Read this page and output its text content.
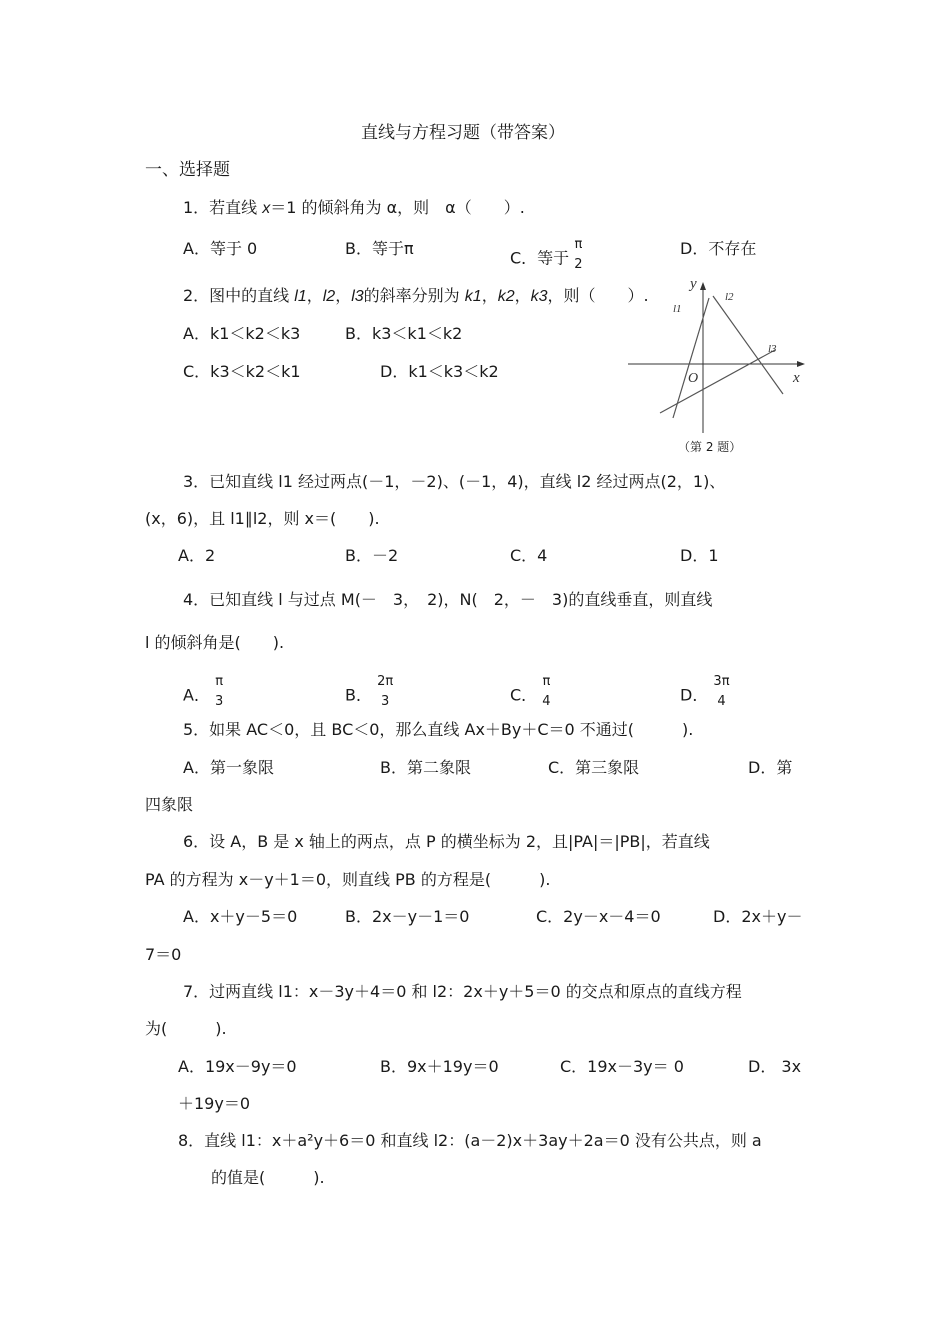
直线与方程习题（带答案）
一、选择题
1．若直线 x＝1 的倾斜角为 α，则　α（　　）.
A．等于 0	B．等于π	C．等于
π
2
D．不存在
2．图中的直线 l1，l2，l3的斜率分别为 k1，k2，k3，则（　　）.
A．k1＜k2＜k3	B．k3＜k1＜k2
C．k3＜k2＜k1	D．k1＜k3＜k2
y
x
O
l1
l2
l3
（第 2 题）
3．已知直线 l1 经过两点(－1，－2)、(－1，4)，直线 l2 经过两点(2，1)、
(x，6)，且 l1∥l2，则 x＝(　　).
A．2	B．－2	C．4	D．1
4．已知直线 l 与过点 M(－　3，　2)，N(　2，－　3)的直线垂直，则直线
l 的倾斜角是(　　).
A．
π
3	B．
2π
3	C．
π
4	D．
3π
4
5．如果 AC＜0，且 BC＜0，那么直线 Ax＋By＋C＝0 不通过(　　　).
A．第一象限	B．第二象限	C．第三象限	D．第
四象限
6．设 A，B 是 x 轴上的两点，点 P 的横坐标为 2，且|PA|＝|PB|，若直线
PA 的方程为 x－y＋1＝0，则直线 PB 的方程是(　　　).
A．x＋y－5＝0	B．2x－y－1＝0	C．2y－x－4＝0	D．2x＋y－
7＝0
7．过两直线 l1：x－3y＋4＝0 和 l2：2x＋y＋5＝0 的交点和原点的直线方程
为(　　　).
A．19x－9y＝0	B．9x＋19y＝0	C．19x－3y＝ 0	D． 3x
＋19y＝0
8．直线 l1：x＋a²y＋6＝0 和直线 l2：(a－2)x＋3ay＋2a＝0 没有公共点，则 a
的值是(　　　).
